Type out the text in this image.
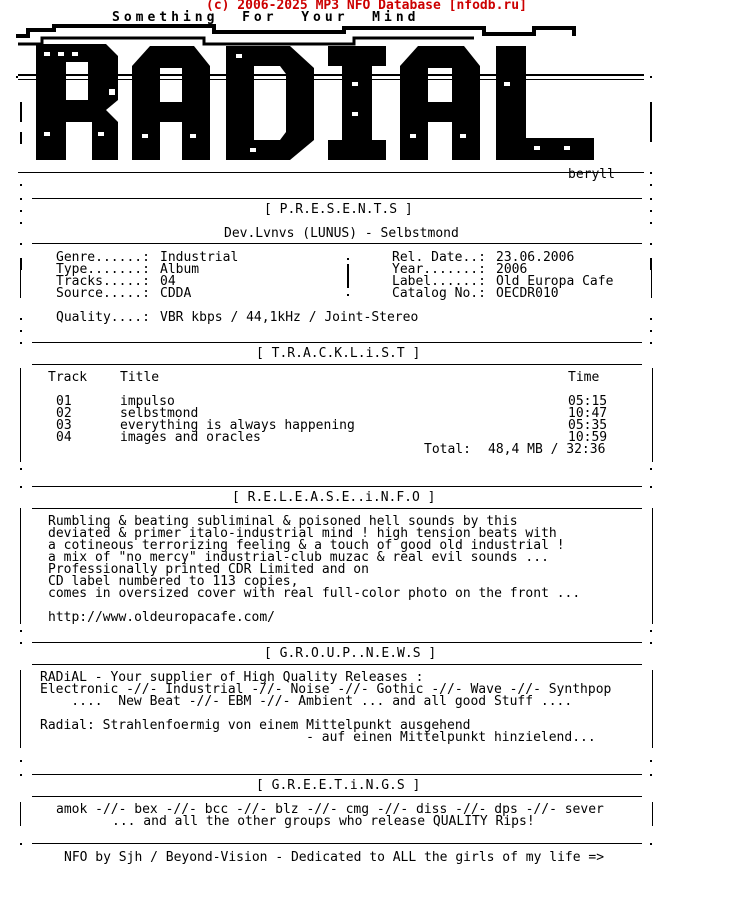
(c) 2006-2025 MP3 NFO Database [nfodb.ru]
Something  For  Your  Mind
beryll
[ P.R.E.S.E.N.T.S ]
Dev.Lvnvs (LUNUS) - Selbstmond
Genre......: Industrial
Type.......: Album
Tracks.....: 04
Source.....: CDDA
Rel. Date..: 23.06.2006
Year.......: 2006
Label......: Old Europa Cafe
Catalog No.: OECDR010
Quality....: VBR kbps / 44,1kHz / Joint-Stereo
[ T.R.A.C.K.L.i.S.T ]
Track	Title	Time
01	impulso	05:15
02	selbstmond	10:47
03	everything is always happening	05:35
04	images and oracles	10:59
Total: 48,4 MB / 32:36
[ R.E.L.E.A.S.E..i.N.F.O ]
Rumbling & beating subliminal & poisoned hell sounds by this
deviated & primer italo-industrial mind ! high tension beats with
a cotineous terrorizing feeling & a touch of good old industrial !
a mix of "no mercy" industrial-club muzac & real evil sounds ...
Professionally printed CDR Limited and on
CD label numbered to 113 copies,
comes in oversized cover with real full-color photo on the front ...
http://www.oldeuropacafe.com/
[ G.R.O.U.P..N.E.W.S ]
RADiAL - Your supplier of High Quality Releases :
Electronic -//- Industrial -//- Noise -//- Gothic -//- Wave -//- Synthpop
....  New Beat -//- EBM -//- Ambient ... and all good Stuff ....
Radial: Strahlenfoermig von einem Mittelpunkt ausgehend
- auf einen Mittelpunkt hinzielend...
[ G.R.E.E.T.i.N.G.S ]
amok -//- bex -//- bcc -//- blz -//- cmg -//- diss -//- dps -//- sever
... and all the other groups who release QUALITY Rips!
NFO by Sjh / Beyond-Vision - Dedicated to ALL the girls of my life =>
